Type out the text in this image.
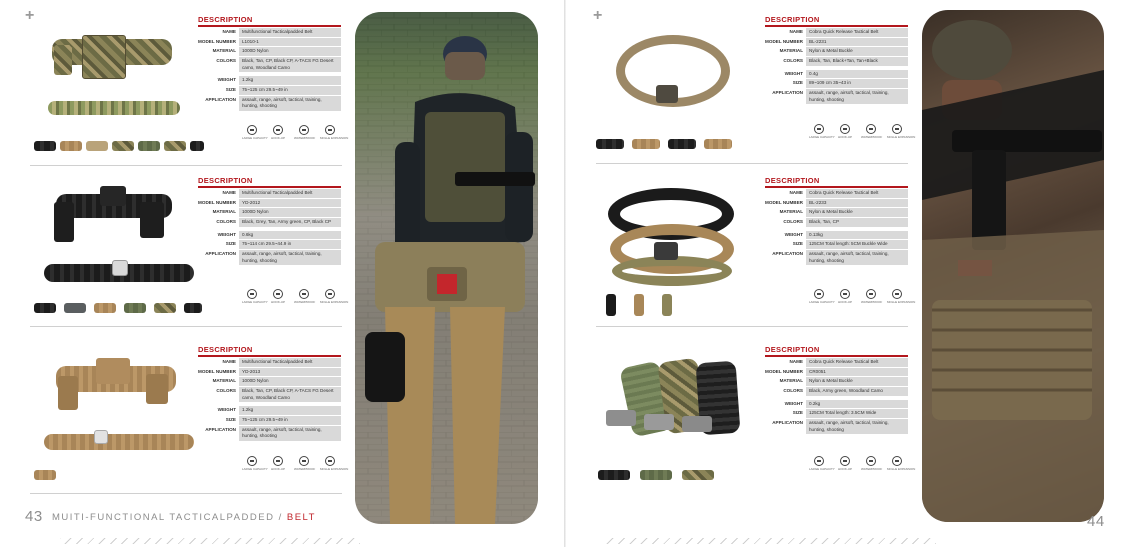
+	DESCRIPTION
NAME	Multifunctional Tacticalpadded Belt
MODEL NUMBER	L1010-1
MATERIAL	1000D Nylon
COLORS	Black, Tan, CP, Black CP, A-TACS FG Desert camo, Woodland Camo
WEIGHT	1.2kg
SIZE	75~125 cm 29.5~49 in
APPLICATION	assault, range, airsoft, tactical, training, hunting, shooting
LARGE CAPACITY	HOOK-UP	WATERPROOF MOLLE EXPANSION
DESCRIPTION
NAME	Multifunctional Tacticalpadded Belt
MODEL NUMBER	YD-2012
MATERIAL	1000D Nylon
COLORS	Black, Grey, Tan, Army green, CP, Black CP
WEIGHT	0.6kg
SIZE	75~114 cm 29.5~44.9 in
APPLICATION	assault, range, airsoft, tactical, training, hunting, shooting
LARGE CAPACITY	HOOK-UP	WATERPROOF MOLLE EXPANSION
DESCRIPTION
NAME	Multifunctional Tacticalpadded Belt
MODEL NUMBER	YD-2013
MATERIAL	1000D Nylon
COLORS	Black, Tan, CP, Black CP, A-TACS FG Desert camo, Woodland Camo
WEIGHT	1.2kg
SIZE	75~125 cm 29.5~49 in
APPLICATION	assault, range, airsoft, tactical, training, hunting, shooting
LARGE CAPACITY	HOOK-UP	WATERPROOF MOLLE EXPANSION
43 MUITI-FUNCTIONAL TACTICALPADDED / BELT
+	DESCRIPTION
NAME	Cobra Quick Release Tactical Belt
MODEL NUMBER	BL-2231
MATERIAL	Nylon & Metal Buckle
COLORS	Black, Tan, Black+Tan, Tan+Black
WEIGHT	0.4g
SIZE	89~109 cm 35~43 in
APPLICATION	assault, range, airsoft, tactical, training, hunting, shooting
LARGE CAPACITY	HOOK-UP	WATERPROOF MOLLE EXPANSION
DESCRIPTION
NAME	Cobra Quick Release Tactical Belt
MODEL NUMBER	BL-2233
MATERIAL	Nylon & Metal Buckle
COLORS	Black, Tan, CP
WEIGHT	0.13kg
SIZE	125CM Total length: 5CM Buckle Wide
APPLICATION	assault, range, airsoft, tactical, training, hunting, shooting
LARGE CAPACITY	HOOK-UP	WATERPROOF MOLLE EXPANSION
DESCRIPTION
NAME	Cobra Quick Release Tactical Belt
MODEL NUMBER	CR0051
MATERIAL	Nylon & Metal Buckle
COLORS	Black, Army green, Woodland Camo
WEIGHT	0.2kg
SIZE	125CM Total length: 3.5CM Wide
APPLICATION	assault, range, airsoft, tactical, training, hunting, shooting
LARGE CAPACITY	HOOK-UP	WATERPROOF MOLLE EXPANSION
44
